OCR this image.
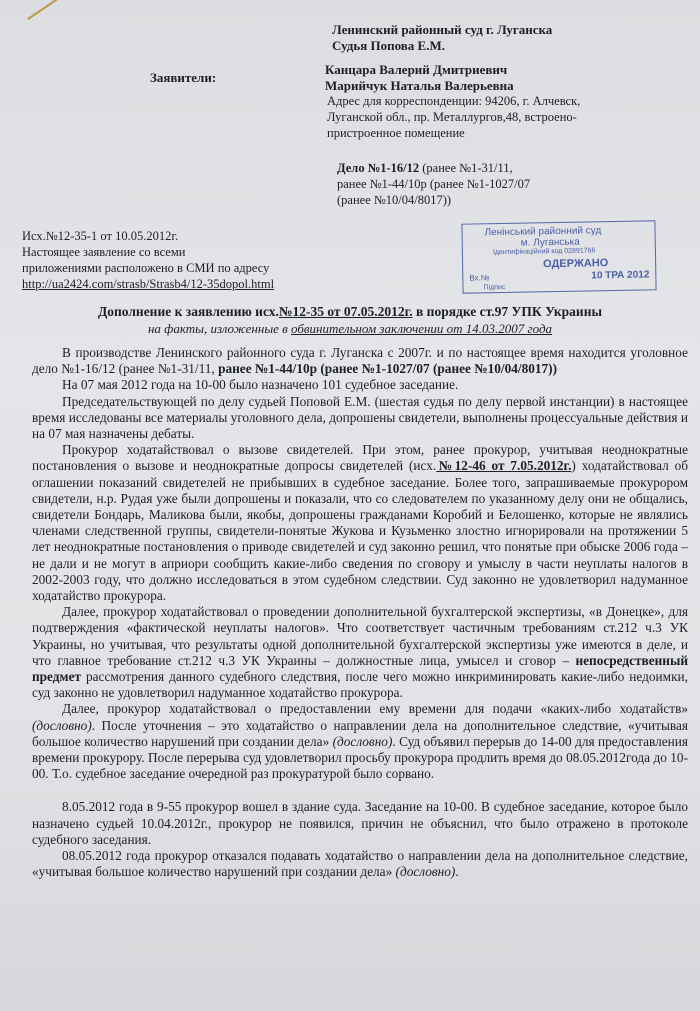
Ленинский районный суд г. Луганска
Судья Попова Е.М.
Заявители:
Канцара Валерий Дмитриевич
Марийчук Наталья Валерьевна
Адрес для корреспонденции: 94206, г. Алчевск,
Луганской обл., пр. Металлургов,48, встроено-
пристроенное помещение
Дело №1-16/12 (ранее №1-31/11,
ранее №1-44/10р (ранее №1-1027/07
(ранее №10/04/8017))
Исх.№12-35-1 от 10.05.2012г.
Настоящее заявление со всеми
приложениями расположено в СМИ по адресу
http://ua2424.com/strasb/Strasb4/12-35dopol.html
Ленiнський районний суд
м. Луганська
Iдентифiкацiйний код 02891766
ОДЕРЖАНО
Вх.№	10 ТРА 2012
Пiдпис
Дополнение к заявлению исх.№12-35 от 07.05.2012г. в порядке ст.97 УПК Украины
на факты, изложенные в обвинительном заключении от 14.03.2007 года

В производстве Ленинского районного суда г. Луганска с 2007г. и по настоящее время находится уголовное дело №1-16/12 (ранее №1-31/11, ранее №1-44/10р (ранее №1-1027/07 (ранее №10/04/8017))

На 07 мая 2012 года на 10-00 было назначено 101 судебное заседание.

Председательствующей по делу судьей Поповой Е.М. (шестая судья по делу первой инстанции) в настоящее время исследованы все материалы уголовного дела, допрошены свидетели, выполнены процессуальные действия и на 07 мая назначены дебаты.

Прокурор ходатайствовал о вызове свидетелей. При этом, ранее прокурор, учитывая неоднократные постановления о вызове и неоднократные допросы свидетелей (исх.№12-46 от 7.05.2012г.) ходатайствовал об оглашении показаний свидетелей не прибывших в судебное заседание. Более того, запрашиваемые прокурором свидетели, н.р. Рудая уже были допрошены и показали, что со следователем по указанному делу они не общались, свидетели Бондарь, Маликова были, якобы, допрошены гражданами Коробий и Белошенко, которые не являлись членами следственной группы, свидетели-понятые Жукова и Кузьменко злостно игнорировали на протяжении 5 лет неоднократные постановления о приводе свидетелей и суд законно решил, что понятые при обыске 2006 года – не дали и не могут в априори сообщить какие-либо сведения по сговору и умыслу в части неуплаты налогов в 2002-2003 году, что должно исследоваться в этом судебном следствии. Суд законно не удовлетворил надуманное ходатайство прокурора.

Далее, прокурор ходатайствовал о проведении дополнительной бухгалтерской экспертизы, «в Донецке», для подтверждения «фактической неуплаты налогов». Что соответствует частичным требованиям ст.212 ч.3 УК Украины, но учитывая, что результаты одной дополнительной бухгалтерской экспертизы уже имеются в деле, и что главное требование ст.212 ч.3 УК Украины – должностные лица, умысел и сговор – непосредственный предмет рассмотрения данного судебного следствия, после чего можно инкриминировать какие-либо недоимки, суд законно не удовлетворил надуманное ходатайство прокурора.

Далее, прокурор ходатайствовал о предоставлении ему времени для подачи «каких-либо ходатайств» (дословно). После уточнения – это ходатайство о направлении дела на дополнительное следствие, «учитывая большое количество нарушений при создании дела» (дословно). Суд объявил перерыв до 14-00 для предоставления времени прокурору. После перерыва суд удовлетворил просьбу прокурора продлить время до 08.05.2012года до 10-00. Т.о. судебное заседание очередной раз прокуратурой было сорвано.

8.05.2012 года в 9-55 прокурор вошел в здание суда. Заседание на 10-00. В судебное заседание, которое было назначено судьей 10.04.2012г., прокурор не появился, причин не объяснил, что было отражено в протоколе судебного заседания.

08.05.2012 года прокурор отказался подавать ходатайство о направлении дела на дополнительное следствие, «учитывая большое количество нарушений при создании дела» (дословно).
